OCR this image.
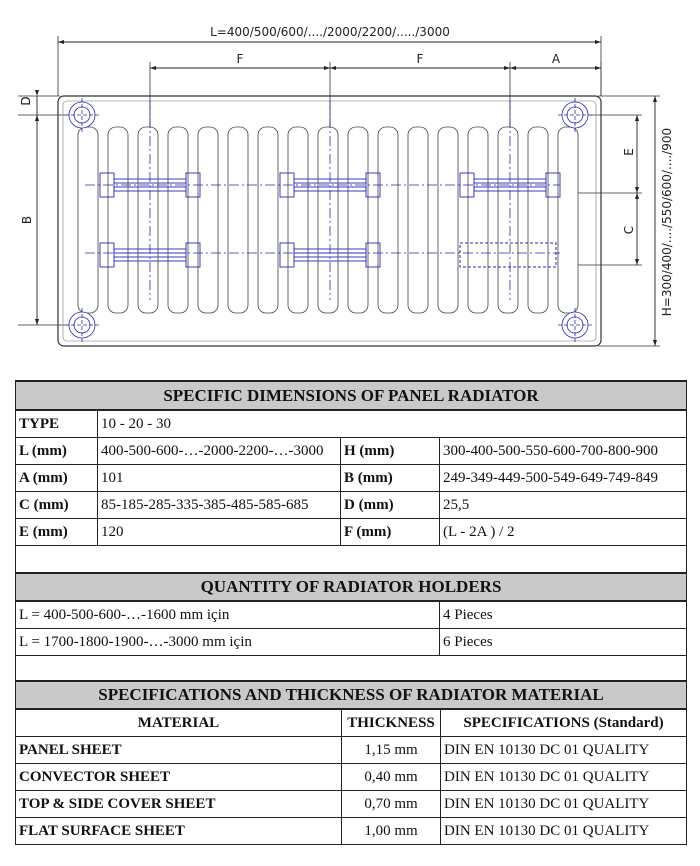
L=400/500/600/..../2000/2200/...../3000
F	F	A
D
B
E
C H=300/400/..../550/600/..../900
SPECIFIC DIMENSIONS OF PANEL RADIATOR			
TYPE	10 - 20 - 30		
L (mm)	400-500-600-…-2000-2200-…-3000	H (mm)	300-400-500-550-600-700-800-900
A (mm)	101	B (mm)	249-349-449-500-549-649-749-849
C (mm)	85-185-285-335-385-485-585-685	D (mm)	25,5
E (mm)	120	F (mm)	(L - 2A ) / 2

QUANTITY OF RADIATOR HOLDERS			
L = 400-500-600-…-1600 mm için			4 Pieces
L = 1700-1800-1900-…-3000 mm için			6 Pieces

SPECIFICATIONS AND THICKNESS OF RADIATOR MATERIAL		
MATERIAL	THICKNESS	SPECIFICATIONS (Standard)
PANEL SHEET	1,15 mm	DIN EN 10130 DC 01 QUALITY
CONVECTOR SHEET	0,40 mm	DIN EN 10130 DC 01 QUALITY
TOP & SIDE COVER SHEET	0,70 mm	DIN EN 10130 DC 01 QUALITY
FLAT SURFACE SHEET	1,00 mm	DIN EN 10130 DC 01 QUALITY
